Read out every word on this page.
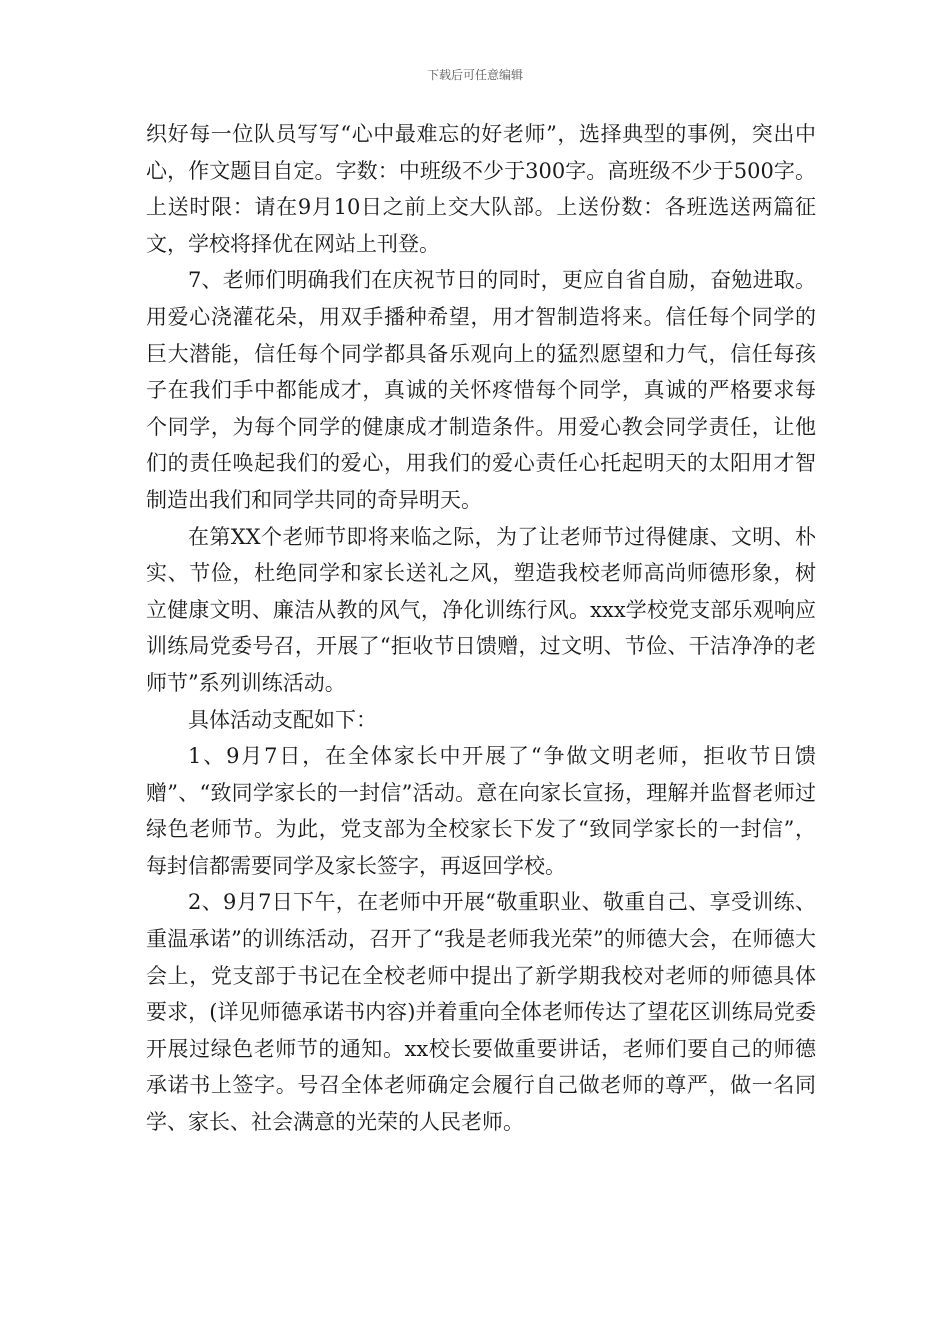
下载后可任意编辑

织好每一位队员写写“心中最难忘的好老师”，选择典型的事例，突出中心，作文题目自定。字数：中班级不少于300字。高班级不少于500字。上送时限：请在9月10日之前上交大队部。上送份数：各班选送两篇征文，学校将择优在网站上刊登。

7、老师们明确我们在庆祝节日的同时，更应自省自励，奋勉进取。用爱心浇灌花朵，用双手播种希望，用才智制造将来。信任每个同学的巨大潜能，信任每个同学都具备乐观向上的猛烈愿望和力气，信任每孩子在我们手中都能成才，真诚的关怀疼惜每个同学，真诚的严格要求每个同学，为每个同学的健康成才制造条件。用爱心教会同学责任，让他们的责任唤起我们的爱心，用我们的爱心责任心托起明天的太阳用才智制造出我们和同学共同的奇异明天。

在第XX个老师节即将来临之际，为了让老师节过得健康、文明、朴实、节俭，杜绝同学和家长送礼之风，塑造我校老师高尚师德形象，树立健康文明、廉洁从教的风气，净化训练行风。xxx学校党支部乐观响应训练局党委号召，开展了“拒收节日馈赠，过文明、节俭、干洁净净的老师节”系列训练活动。

具体活动支配如下：

1、9月7日，在全体家长中开展了“争做文明老师，拒收节日馈赠”、“致同学家长的一封信”活动。意在向家长宣扬，理解并监督老师过绿色老师节。为此，党支部为全校家长下发了“致同学家长的一封信”，每封信都需要同学及家长签字，再返回学校。

2、9月7日下午，在老师中开展“敬重职业、敬重自己、享受训练、重温承诺”的训练活动，召开了“我是老师我光荣”的师德大会，在师德大会上，党支部于书记在全校老师中提出了新学期我校对老师的师德具体要求，(详见师德承诺书内容)并着重向全体老师传达了望花区训练局党委开展过绿色老师节的通知。xx校长要做重要讲话，老师们要自己的师德承诺书上签字。号召全体老师确定会履行自己做老师的尊严，做一名同学、家长、社会满意的光荣的人民老师。
